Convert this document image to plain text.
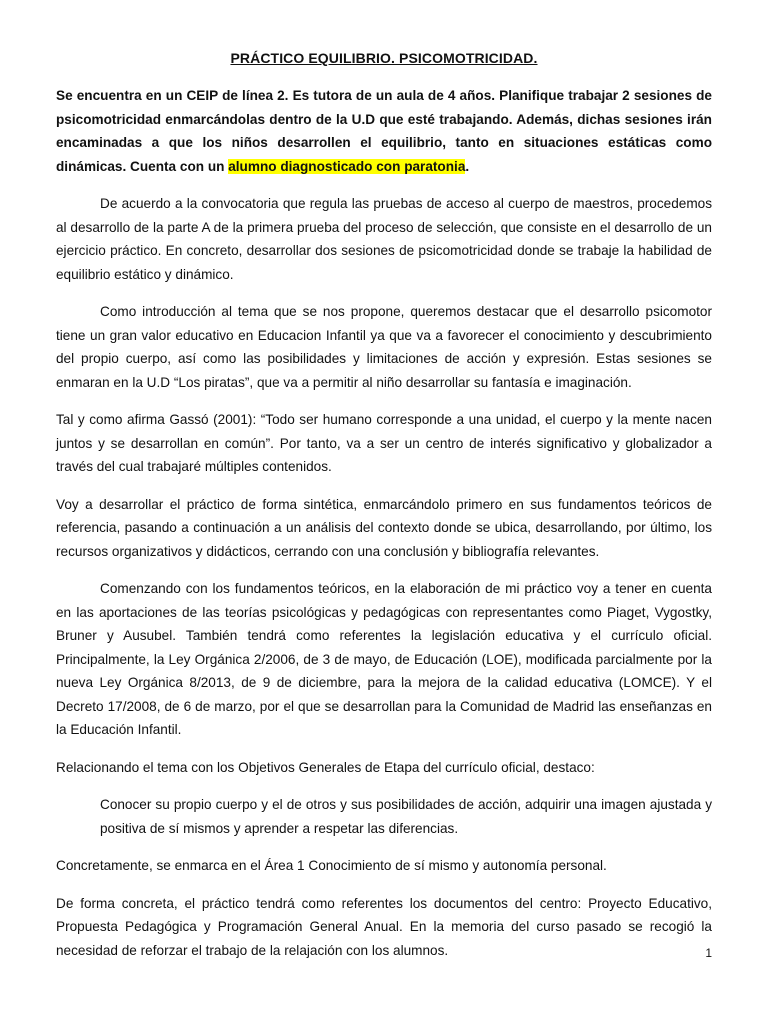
PRÁCTICO EQUILIBRIO. PSICOMOTRICIDAD.

Se encuentra en un CEIP de línea 2. Es tutora de un aula de 4 años. Planifique trabajar 2 sesiones de psicomotricidad enmarcándolas dentro de la U.D que esté trabajando. Además, dichas sesiones irán encaminadas a que los niños desarrollen el equilibrio, tanto en situaciones estáticas como dinámicas. Cuenta con un alumno diagnosticado con paratonia.

De acuerdo a la convocatoria que regula las pruebas de acceso al cuerpo de maestros, procedemos al desarrollo de la parte A de la primera prueba del proceso de selección, que consiste en el desarrollo de un ejercicio práctico. En concreto, desarrollar dos sesiones de psicomotricidad donde se trabaje la habilidad de equilibrio estático y dinámico.

Como introducción al tema que se nos propone, queremos destacar que el desarrollo psicomotor tiene un gran valor educativo en Educacion Infantil ya que va a favorecer el conocimiento y descubrimiento del propio cuerpo, así como las posibilidades y limitaciones de acción y expresión. Estas sesiones se enmaran en la U.D “Los piratas”, que va a permitir al niño desarrollar su fantasía e imaginación.

Tal y como afirma Gassó (2001): “Todo ser humano corresponde a una unidad, el cuerpo y la mente nacen juntos y se desarrollan en común”. Por tanto, va a ser un centro de interés significativo y globalizador a través del cual trabajaré múltiples contenidos.

Voy a desarrollar el práctico de forma sintética, enmarcándolo primero en sus fundamentos teóricos de referencia, pasando a continuación a un análisis del contexto donde se ubica, desarrollando, por último, los recursos organizativos y didácticos, cerrando con una conclusión y bibliografía relevantes.

Comenzando con los fundamentos teóricos, en la elaboración de mi práctico voy a tener en cuenta en las aportaciones de las teorías psicológicas y pedagógicas con representantes como Piaget, Vygostky, Bruner y Ausubel. También tendrá como referentes la legislación educativa y el currículo oficial. Principalmente, la Ley Orgánica 2/2006, de 3 de mayo, de Educación (LOE), modificada parcialmente por la nueva Ley Orgánica 8/2013, de 9 de diciembre, para la mejora de la calidad educativa (LOMCE). Y el Decreto 17/2008, de 6 de marzo, por el que se desarrollan para la Comunidad de Madrid las enseñanzas en la Educación Infantil.

Relacionando el tema con los Objetivos Generales de Etapa del currículo oficial, destaco:

Conocer su propio cuerpo y el de otros y sus posibilidades de acción, adquirir una imagen ajustada y positiva de sí mismos y aprender a respetar las diferencias.

Concretamente, se enmarca en el Área 1 Conocimiento de sí mismo y autonomía personal.

De forma concreta, el práctico tendrá como referentes los documentos del centro: Proyecto Educativo, Propuesta Pedagógica y Programación General Anual. En la memoria del curso pasado se recogió la necesidad de reforzar el trabajo de la relajación con los alumnos.	1
